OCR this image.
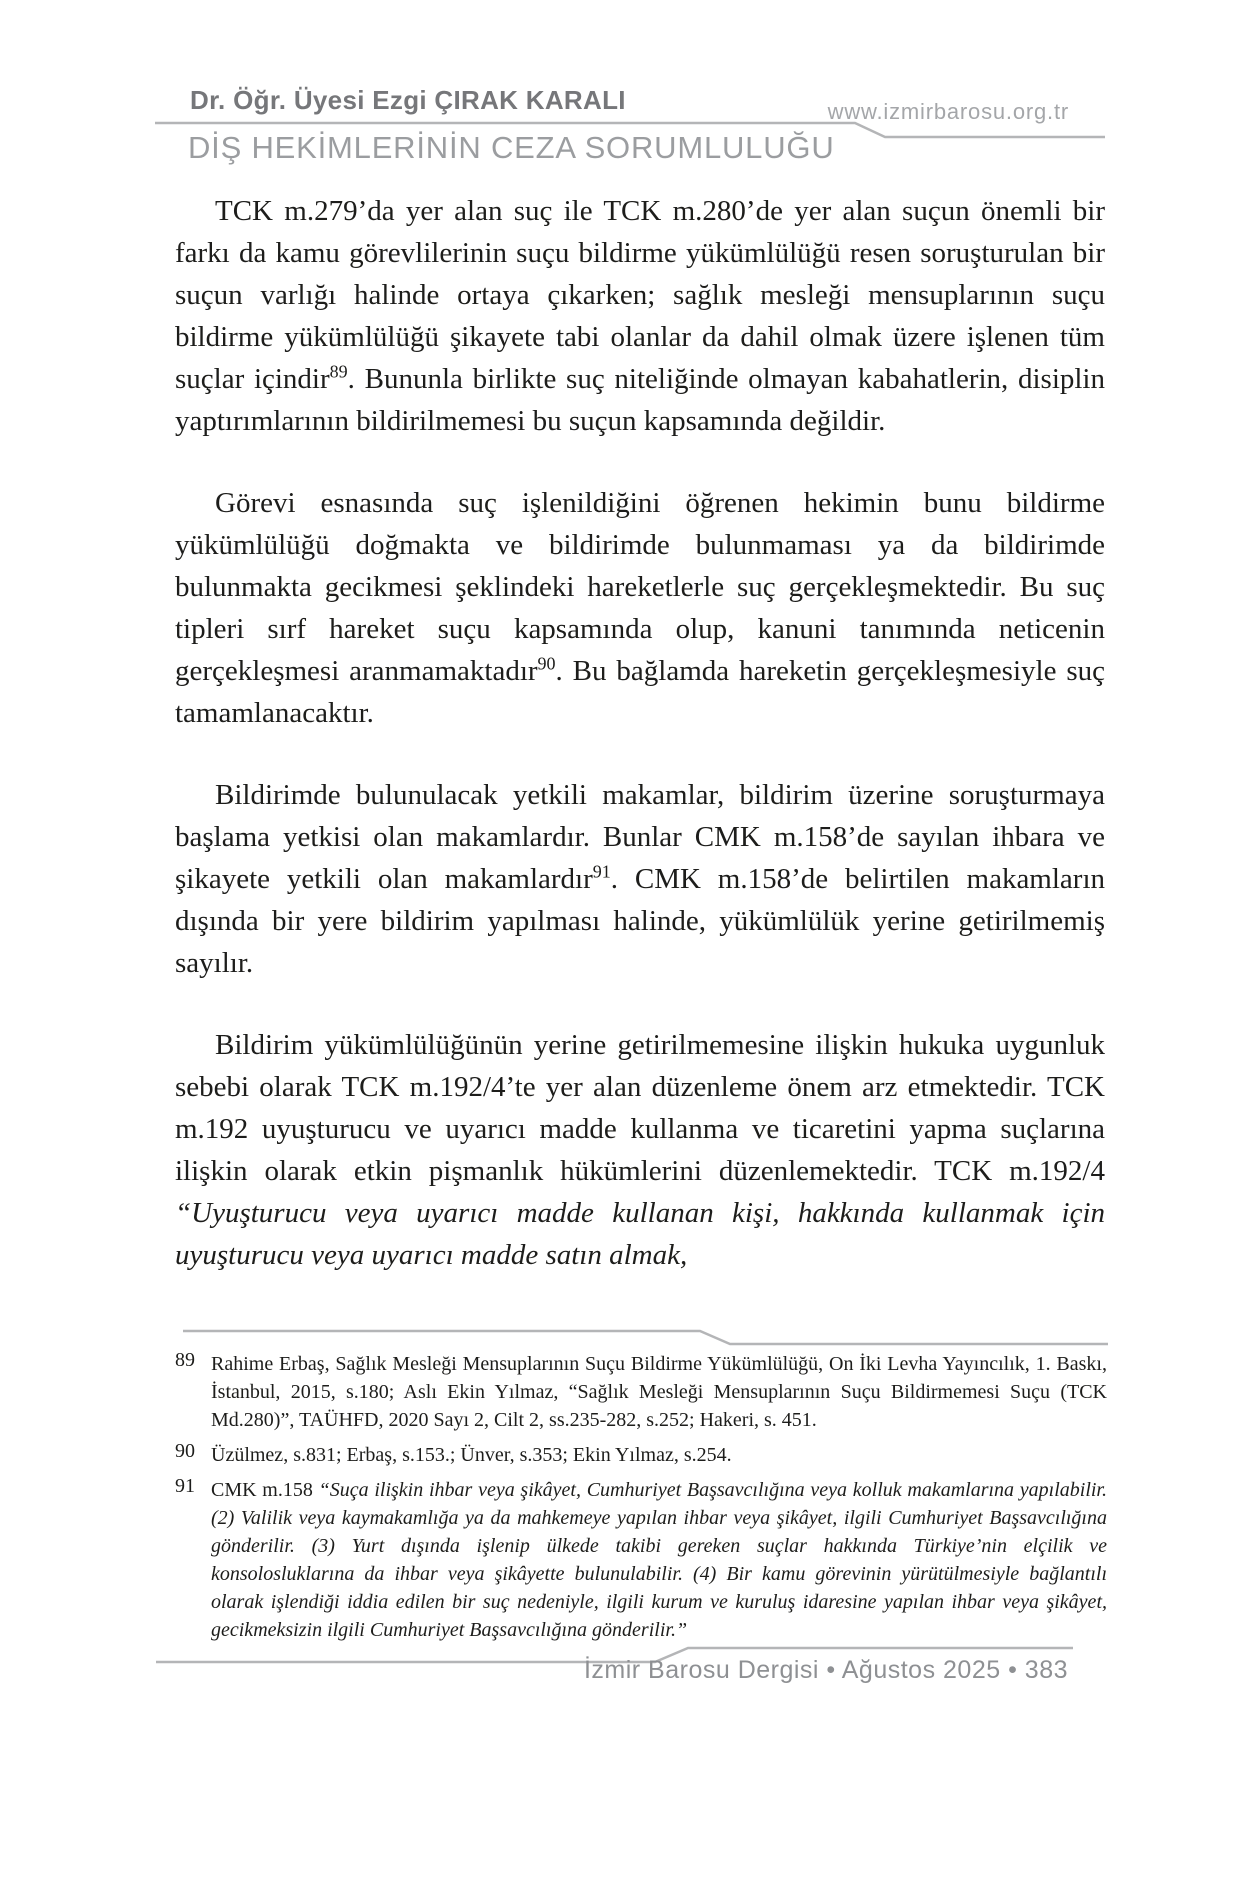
Dr. Öğr. Üyesi Ezgi ÇIRAK KARALI
DİŞ HEKİMLERİNİN CEZA SORUMLULUĞU
www.izmirbarosu.org.tr

TCK m.279’da yer alan suç ile TCK m.280’de yer alan suçun önemli bir farkı da kamu görevlilerinin suçu bildirme yükümlülüğü resen soruşturulan bir suçun varlığı halinde ortaya çıkarken; sağlık mesleği mensuplarının suçu bildirme yükümlülüğü şikayete tabi olanlar da dahil olmak üzere işlenen tüm suçlar içindir$^{89}$. Bununla birlikte suç niteliğinde olmayan kabahatlerin, disiplin yaptırımlarının bildirilmemesi bu suçun kapsamında değildir.

Görevi esnasında suç işlenildiğini öğrenen hekimin bunu bildirme yükümlülüğü doğmakta ve bildirimde bulunmaması ya da bildirimde bulunmakta gecikmesi şeklindeki hareketlerle suç gerçekleşmektedir. Bu suç tipleri sırf hareket suçu kapsamında olup, kanuni tanımında neticenin gerçekleşmesi aranmamaktadır$^{90}$. Bu bağlamda hareketin gerçekleşmesiyle suç tamamlanacaktır.

Bildirimde bulunulacak yetkili makamlar, bildirim üzerine soruşturmaya başlama yetkisi olan makamlardır. Bunlar CMK m.158’de sayılan ihbara ve şikayete yetkili olan makamlardır$^{91}$. CMK m.158’de belirtilen makamların dışında bir yere bildirim yapılması halinde, yükümlülük yerine getirilmemiş sayılır.

Bildirim yükümlülüğünün yerine getirilmemesine ilişkin hukuka uygunluk sebebi olarak TCK m.192/4’te yer alan düzenleme önem arz etmektedir. TCK m.192 uyuşturucu ve uyarıcı madde kullanma ve ticaretini yapma suçlarına ilişkin olarak etkin pişmanlık hükümlerini düzenlemektedir. TCK m.192/4 “Uyuşturucu veya uyarıcı madde kullanan kişi, hakkında kullanmak için uyuşturucu veya uyarıcı madde satın almak,

89 Rahime Erbaş, Sağlık Mesleği Mensuplarının Suçu Bildirme Yükümlülüğü, On İki Levha Yayıncılık, 1. Baskı, İstanbul, 2015, s.180; Aslı Ekin Yılmaz, “Sağlık Mesleği Mensuplarının Suçu Bildirmemesi Suçu (TCK Md.280)”, TAÜHFD, 2020 Sayı 2, Cilt 2, ss.235-282, s.252; Hakeri, s. 451.
90 Üzülmez, s.831; Erbaş, s.153.; Ünver, s.353; Ekin Yılmaz, s.254.
91 CMK m.158 “Suça ilişkin ihbar veya şikâyet, Cumhuriyet Başsavcılığına veya kolluk makamlarına yapılabilir. (2) Valilik veya kaymakamlığa ya da mahkemeye yapılan ihbar veya şikâyet, ilgili Cumhuriyet Başsavcılığına gönderilir. (3) Yurt dışında işlenip ülkede takibi gereken suçlar hakkında Türkiye’nin elçilik ve konsolosluklarına da ihbar veya şikâyette bulunulabilir. (4) Bir kamu görevinin yürütülmesiyle bağlantılı olarak işlendiği iddia edilen bir suç nedeniyle, ilgili kurum ve kuruluş idaresine yapılan ihbar veya şikâyet, gecikmeksizin ilgili Cumhuriyet Başsavcılığına gönderilir.”
İzmir Barosu Dergisi • Ağustos 2025 • 383
